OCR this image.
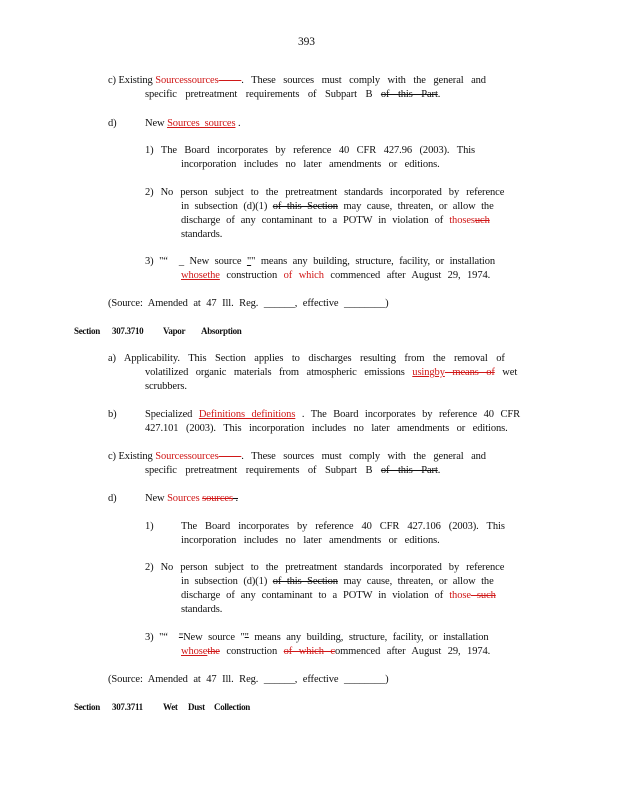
393
c) Existing Sourcessources . These sources must comply with the general and
specific pretreatment requirements of Subpart B of this Part.
d)	New Sources  sources .
1) The Board incorporates by reference 40 CFR 427.96 (2003). This
incorporation includes no later amendments or editions.
2) No person subject to the pretreatment standards incorporated by reference
in subsection (d)(1) of this Section may cause, threaten, or allow the
discharge of any contaminant to a POTW in violation of thosesuch
standards.
3) "“  _ New source "" means any building, structure, facility, or installation
whosethe construction of which commenced after August 29, 1974.
(Source: Amended at 47 Ill. Reg. ______, effective ________)
Section 307.3710 Vapor Absorption
a) Applicability. This Section applies to discharges resulting from the removal of
volatilized organic materials from atmospheric emissions usingby means of wet
scrubbers.
b)	Specialized Definitions definitions . The Board incorporates by reference 40 CFR
427.101 (2003). This incorporation includes no later amendments or editions.
c) Existing Sourcessources . These sources must comply with the general and
specific pretreatment requirements of Subpart B of this Part.
d)	New Sources sources .
1)	The Board incorporates by reference 40 CFR 427.106 (2003). This
incorporation includes no later amendments or editions.
2) No person subject to the pretreatment standards incorporated by reference
in subsection (d)(1) of this Section may cause, threaten, or allow the
discharge of any contaminant to a POTW in violation of those such
standards.
3) "“  "New source "" means any building, structure, facility, or installation
whosethe construction of which commenced after August 29, 1974.
(Source: Amended at 47 Ill. Reg. ______, effective ________)
Section 307.3711 Wet Dust Collection
